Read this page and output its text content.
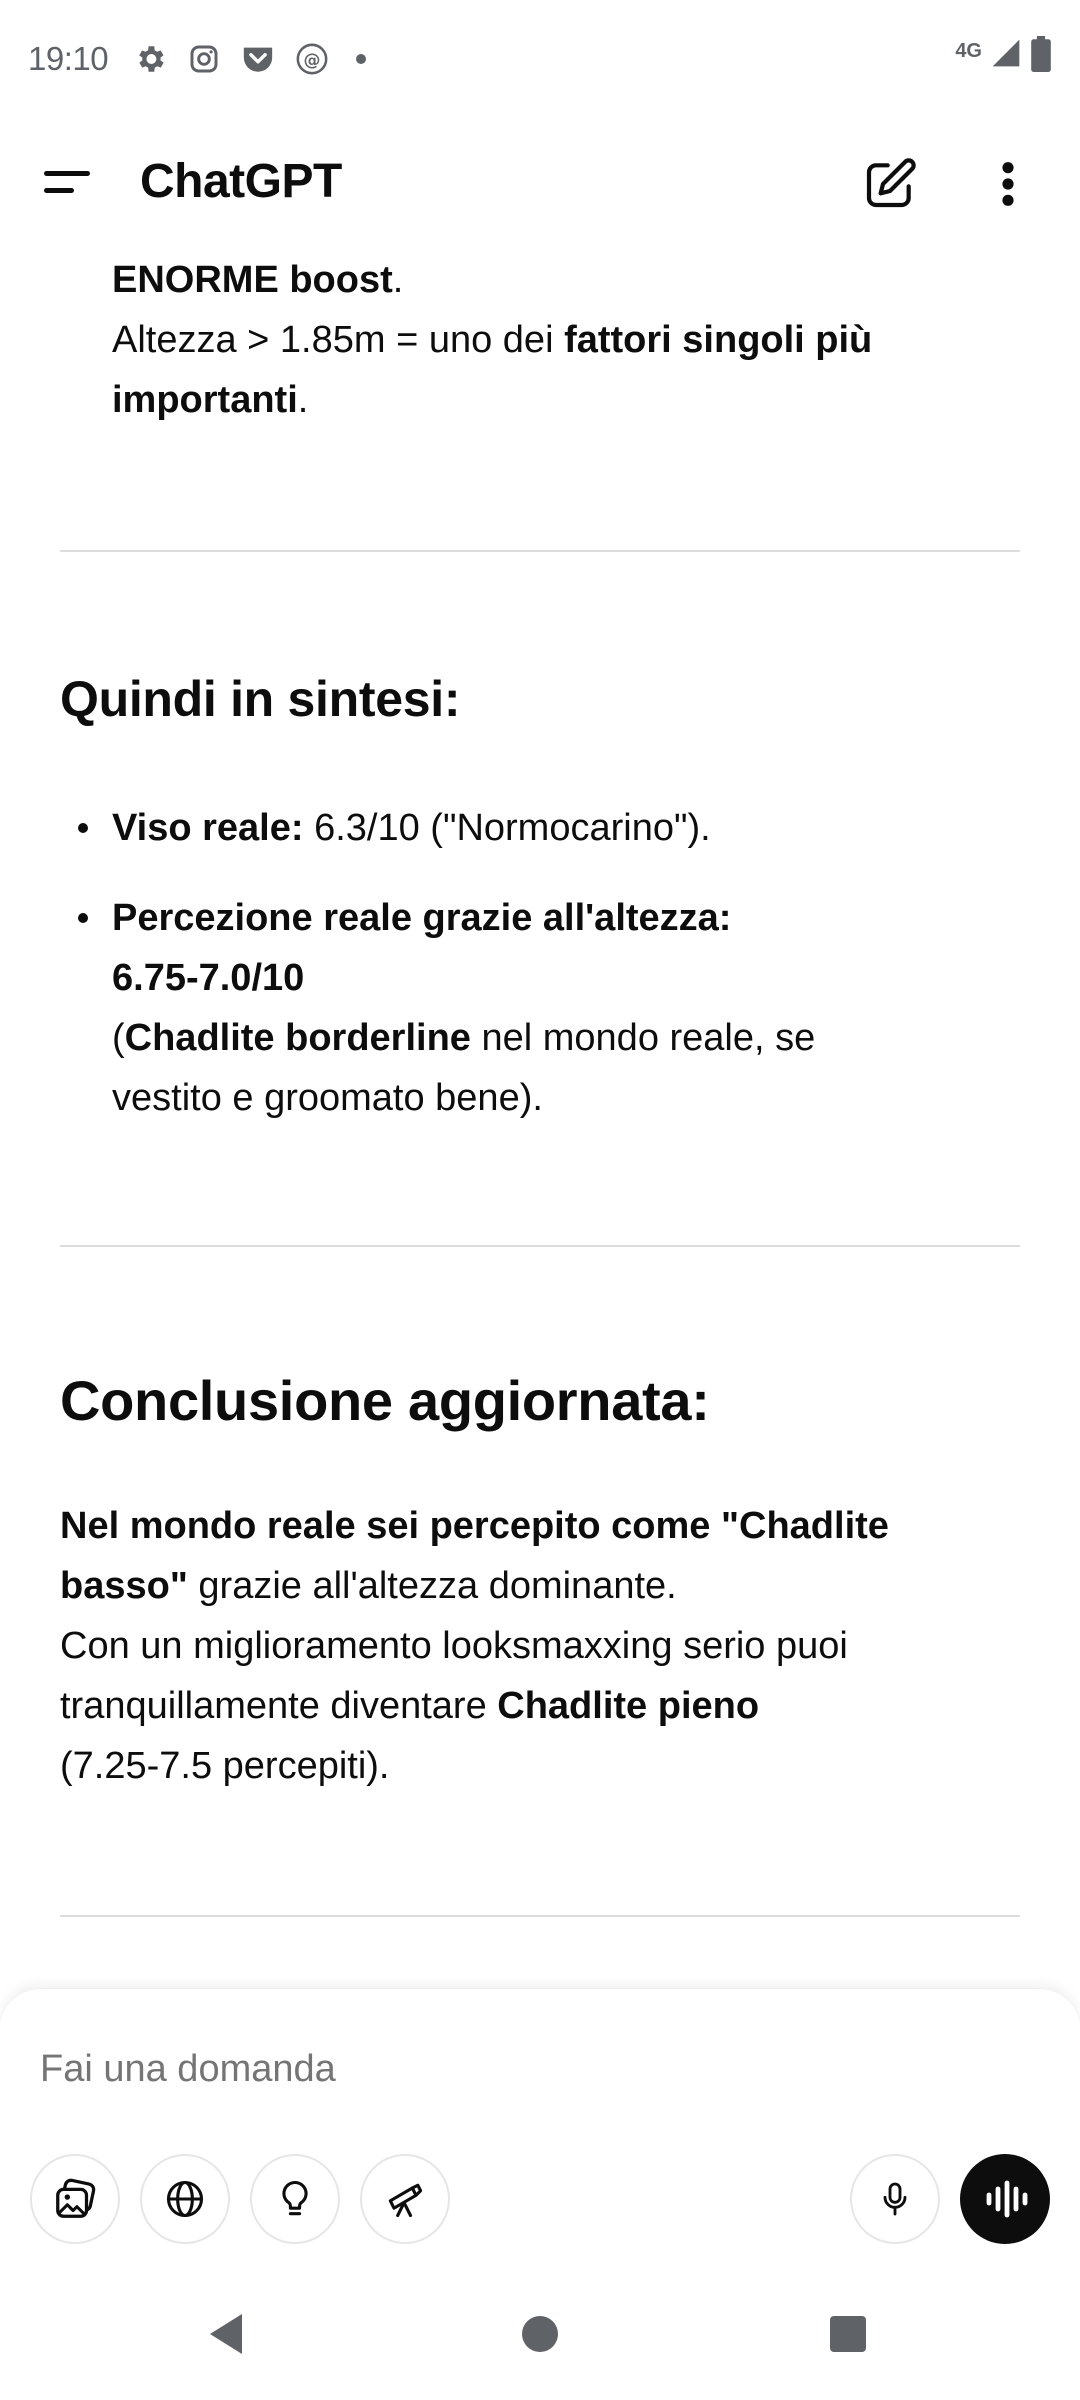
19:10	@	4G
ChatGPT
ENORME boost.
Altezza > 1.85m = uno dei fattori singoli più
importanti.
Quindi in sintesi:
Viso reale: 6.3/10 ("Normocarino").
Percezione reale grazie all'altezza:
6.75-7.0/10
(Chadlite borderline nel mondo reale, se
vestito e groomato bene).
Conclusione aggiornata:
Nel mondo reale sei percepito come "Chadlite
basso" grazie all'altezza dominante.
Con un miglioramento looksmaxxing serio puoi
tranquillamente diventare Chadlite pieno
(7.25-7.5 percepiti).
Fai una domanda
